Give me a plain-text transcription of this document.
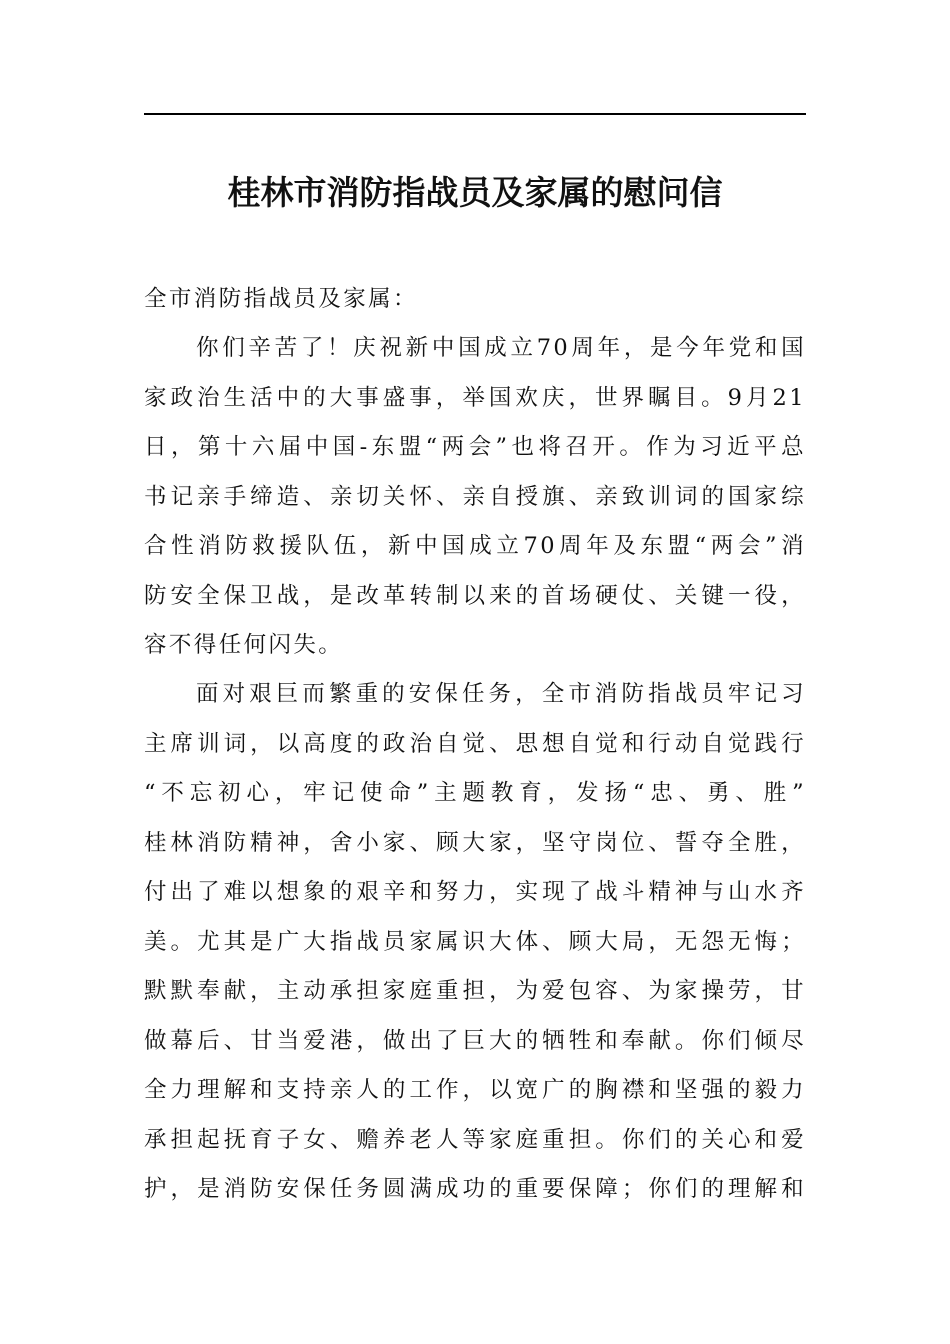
桂林市消防指战员及家属的慰问信
全市消防指战员及家属：
你们辛苦了！庆祝新中国成立70周年，是今年党和国
家政治生活中的大事盛事，举国欢庆，世界瞩目。9月21
日，第十六届中国-东盟“两会”也将召开。作为习近平总
书记亲手缔造、亲切关怀、亲自授旗、亲致训词的国家综
合性消防救援队伍，新中国成立70周年及东盟“两会”消
防安全保卫战，是改革转制以来的首场硬仗、关键一役，
容不得任何闪失。
面对艰巨而繁重的安保任务，全市消防指战员牢记习
主席训词，以高度的政治自觉、思想自觉和行动自觉践行
“不忘初心，牢记使命”主题教育，发扬“忠、勇、胜”
桂林消防精神，舍小家、顾大家，坚守岗位、誓夺全胜，
付出了难以想象的艰辛和努力，实现了战斗精神与山水齐
美。尤其是广大指战员家属识大体、顾大局，无怨无悔；
默默奉献，主动承担家庭重担，为爱包容、为家操劳，甘
做幕后、甘当爱港，做出了巨大的牺牲和奉献。你们倾尽
全力理解和支持亲人的工作，以宽广的胸襟和坚强的毅力
承担起抚育子女、赡养老人等家庭重担。你们的关心和爱
护，是消防安保任务圆满成功的重要保障；你们的理解和
